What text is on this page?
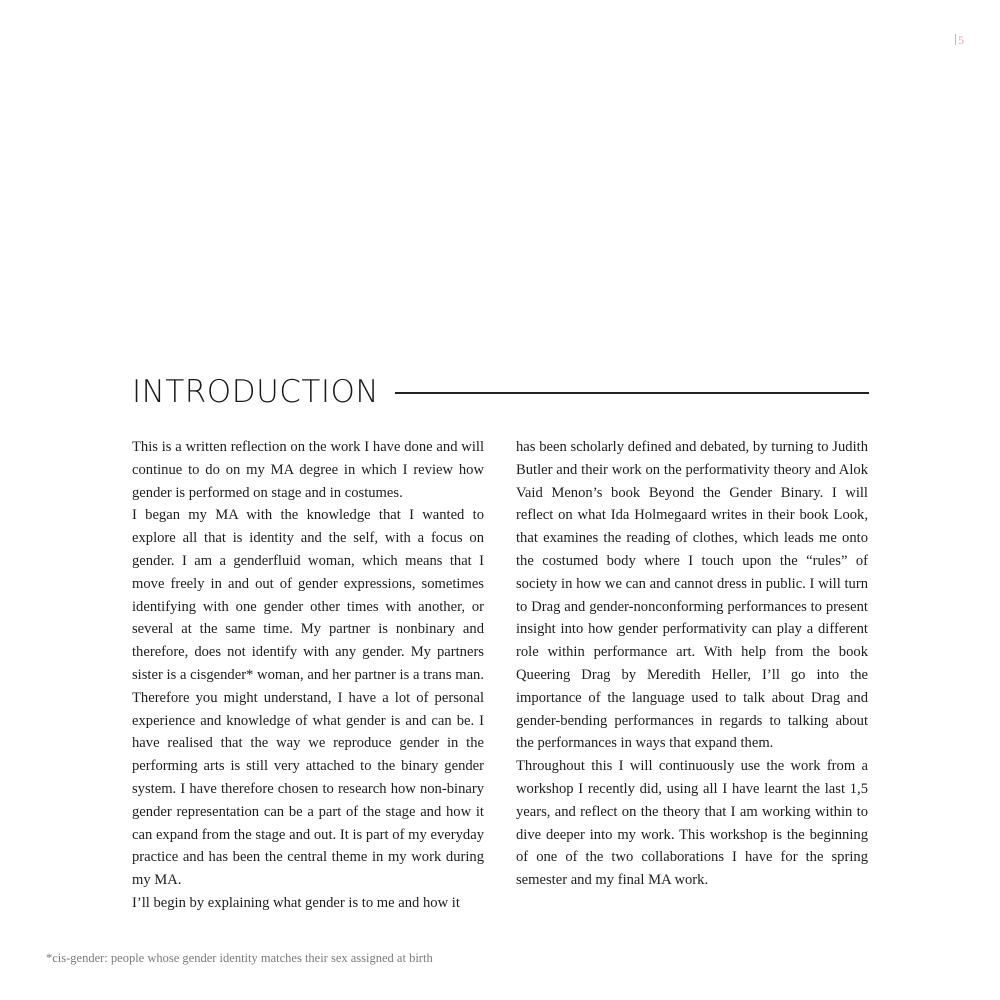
5
INTRODUCTION

This is a written reflection on the work I have done and will continue to do on my MA degree in which I review how gender is performed on stage and in costumes.

I began my MA with the knowledge that I wanted to explore all that is identity and the self, with a focus on gender. I am a genderfluid woman, which means that I move freely in and out of gender expressions, sometimes identifying with one gender other times with another, or several at the same time. My partner is nonbinary and therefore, does not identify with any gender. My partners sister is a cisgender* woman, and her partner is a trans man. Therefore you might understand, I have a lot of personal experience and knowledge of what gender is and can be. I have realised that the way we reproduce gender in the performing arts is still very attached to the binary gender system. I have therefore chosen to research how non-binary gender representation can be a part of the stage and how it can expand from the stage and out. It is part of my everyday practice and has been the central theme in my work during my MA.

I’ll begin by explaining what gender is to me and how it

has been scholarly defined and debated, by turning to Judith Butler and their work on the performativity theory and Alok Vaid Menon’s book Beyond the Gender Binary. I will reflect on what Ida Holmegaard writes in their book Look, that examines the reading of clothes, which leads me onto the costumed body where I touch upon the “rules” of society in how we can and cannot dress in public. I will turn to Drag and gender-nonconforming performances to present insight into how gender performativity can play a different role within performance art. With help from the book Queering Drag by Meredith Heller, I’ll go into the importance of the language used to talk about Drag and gender-bending performances in regards to talking about the performances in ways that expand them.

Throughout this I will continuously use the work from a workshop I recently did, using all I have learnt the last 1,5 years, and reflect on the theory that I am working within to dive deeper into my work. This workshop is the beginning of one of the two collaborations I have for the spring semester and my final MA work.

*cis-gender: people whose gender identity matches their sex assigned at birth
